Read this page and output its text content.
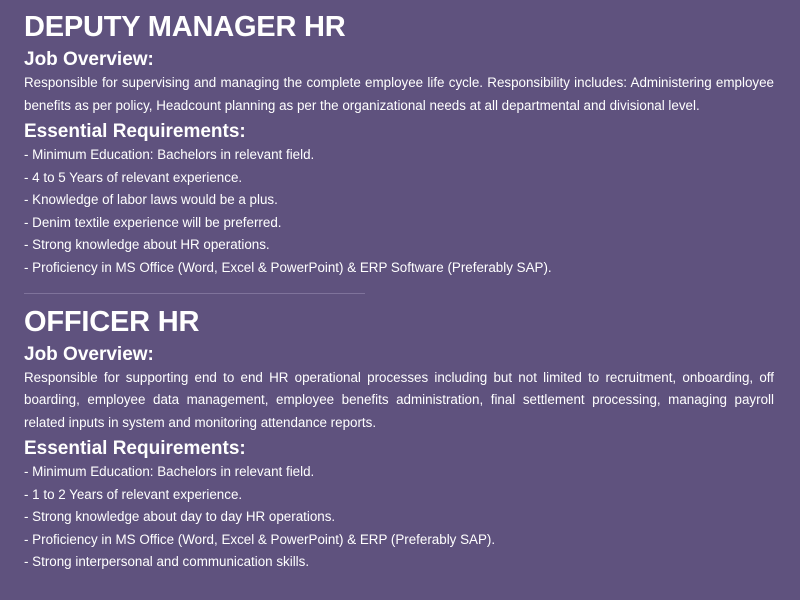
DEPUTY MANAGER HR
Job Overview:

Responsible for supervising and managing the complete employee life cycle. Responsibility includes: Administering employee benefits as per policy, Headcount planning as per the organizational needs at all departmental and divisional level.

Essential Requirements:
- Minimum Education: Bachelors in relevant field.
- 4 to 5 Years of relevant experience.
- Knowledge of labor laws would be a plus.
- Denim textile experience will be preferred.
- Strong knowledge about HR operations.
- Proficiency in MS Office (Word, Excel & PowerPoint) & ERP Software (Preferably SAP).
OFFICER HR
Job Overview:

Responsible for supporting end to end HR operational processes including but not limited to recruitment, onboarding, off boarding, employee data management, employee benefits administration, final settlement processing, managing payroll related inputs in system and monitoring attendance reports.

Essential Requirements:
- Minimum Education: Bachelors in relevant field.
- 1 to 2 Years of relevant experience.
- Strong knowledge about day to day HR operations.
- Proficiency in MS Office (Word, Excel & PowerPoint) & ERP (Preferably SAP).
- Strong interpersonal and communication skills.
